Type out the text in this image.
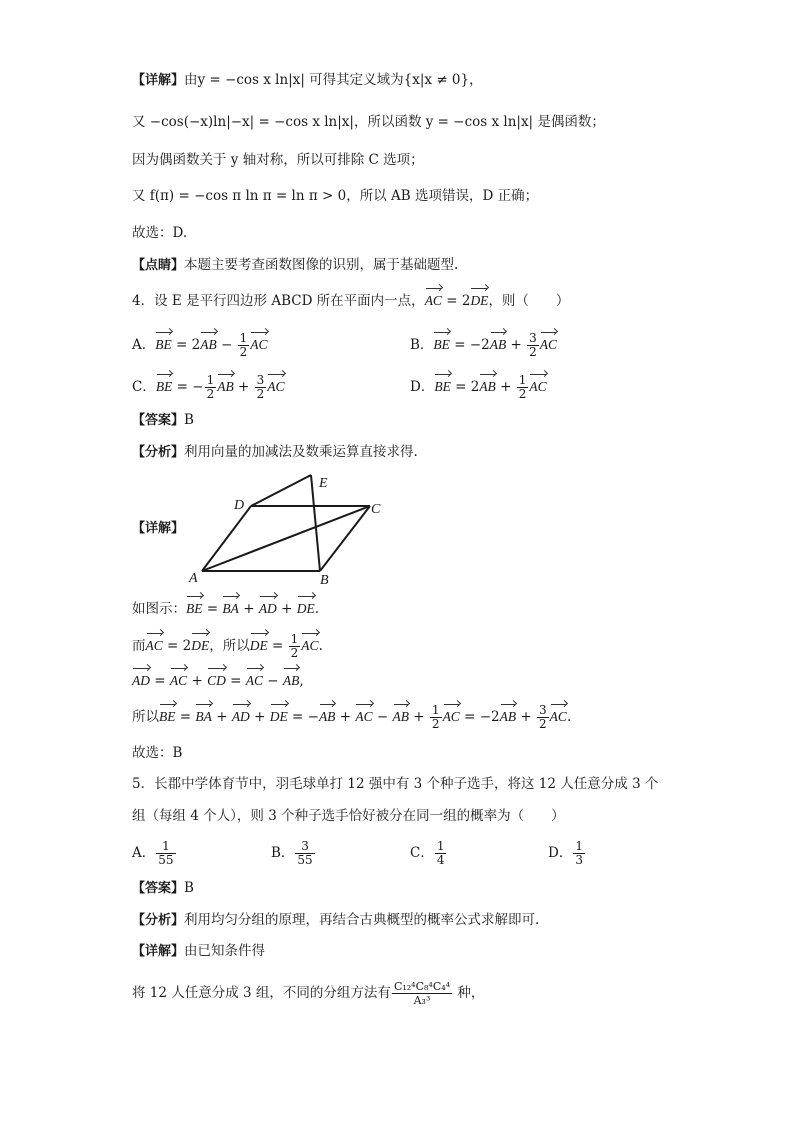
【详解】由y = −cos x ln|x| 可得其定义域为{x|x ≠ 0}，
又 −cos(−x)ln|−x| = −cos x ln|x|，所以函数 y = −cos x ln|x| 是偶函数；
因为偶函数关于 y 轴对称，所以可排除 C 选项；
又 f(π) = −cos π ln π = ln π > 0，所以 AB 选项错误，D 正确；
故选：D.
【点睛】本题主要考查函数图像的识别，属于基础题型.
4．设 E 是平行四边形 ABCD 所在平面内一点，AC = 2DE，则（　　）
A．BE = $2AB - \frac{1}{2}$ AC	B．BE = $-2AB + \frac{3}{2}$ AC
C．BE = − $\frac{1}{2}$ AB + $\frac{3}{2}$ AC	D．BE = $2AB + \frac{1}{2}$ AC
【答案】B
【分析】利用向量的加减法及数乘运算直接求得.
【详解】
A	B
C
D
E
如图示：BE = BA + AD + DE.
而AC = 2DE，所以DE = $\frac{1}{2}$ AC.
AD = AC + CD = AC − AB,
所以BE = BA + AD + DE = −AB + AC − AB + $\frac{1}{2}$ AC = $-2AB + \frac{3}{2}$ AC.
故选：B
5．长郡中学体育节中，羽毛球单打 12 强中有 3 个种子选手，将这 12 人任意分成 3 个
组（每组 4 个人），则 3 个种子选手恰好被分在同一组的概率为（　　）
A． $\frac{1}{55}$	B． $\frac{3}{55}$	C． $\frac{1}{4}$	D． $\frac{1}{3}$
【答案】B
【分析】利用均匀分组的原理，再结合古典概型的概率公式求解即可.
【详解】由已知条件得
将 12 人任意分成 3 组，不同的分组方法有 $\frac{\text{C₁₂⁴C₈⁴C₄⁴}}{\text{A₃³}}$ 种，
